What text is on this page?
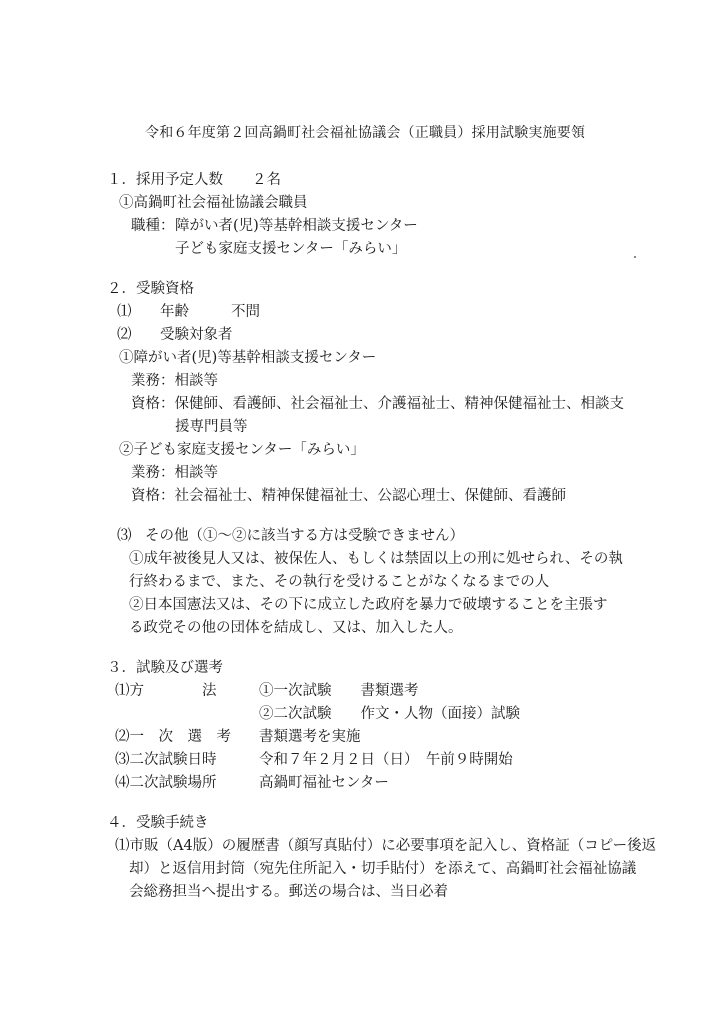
令和６年度第２回高鍋町社会福祉協議会（正職員）採用試験実施要領
１．採用予定人数　　２名
①高鍋町社会福祉協議会職員
職種： 障がい者(児)等基幹相談支援センター
子ども家庭支援センター「みらい」
２．受験資格
⑴ 年齢	不問
⑵ 受験対象者
①障がい者(児)等基幹相談支援センター
業務：相談等
資格：保健師、看護師、社会福祉士、介護福祉士、精神保健福祉士、相談支
援専門員等
②子ども家庭支援センター「みらい」
業務：相談等
資格：社会福祉士、精神保健福祉士、公認心理士、保健師、看護師
⑶ その他（①～②に該当する方は受験できません）
①成年被後見人又は、被保佐人、もしくは禁固以上の刑に処せられ、その執
行終わるまで、また、その執行を受けることがなくなるまでの人
②日本国憲法又は、その下に成立した政府を暴力で破壊することを主張す
る政党その他の団体を結成し、又は、加入した人。
３．試験及び選考
⑴方　　　　法	①一次試験　　書類選考
②二次試験　　作文・人物（面接）試験
⑵一　次　選　考 書類選考を実施
⑶二次試験日時	令和７年２月２日（日）　午前９時開始
⑷二次試験場所	高鍋町福祉センター
４．受験手続き
⑴市販（A4版）の履歴書（顔写真貼付）に必要事項を記入し、資格証（コピー後返
却）と返信用封筒（宛先住所記入・切手貼付）を添えて、高鍋町社会福祉協議
会総務担当へ提出する。郵送の場合は、当日必着
